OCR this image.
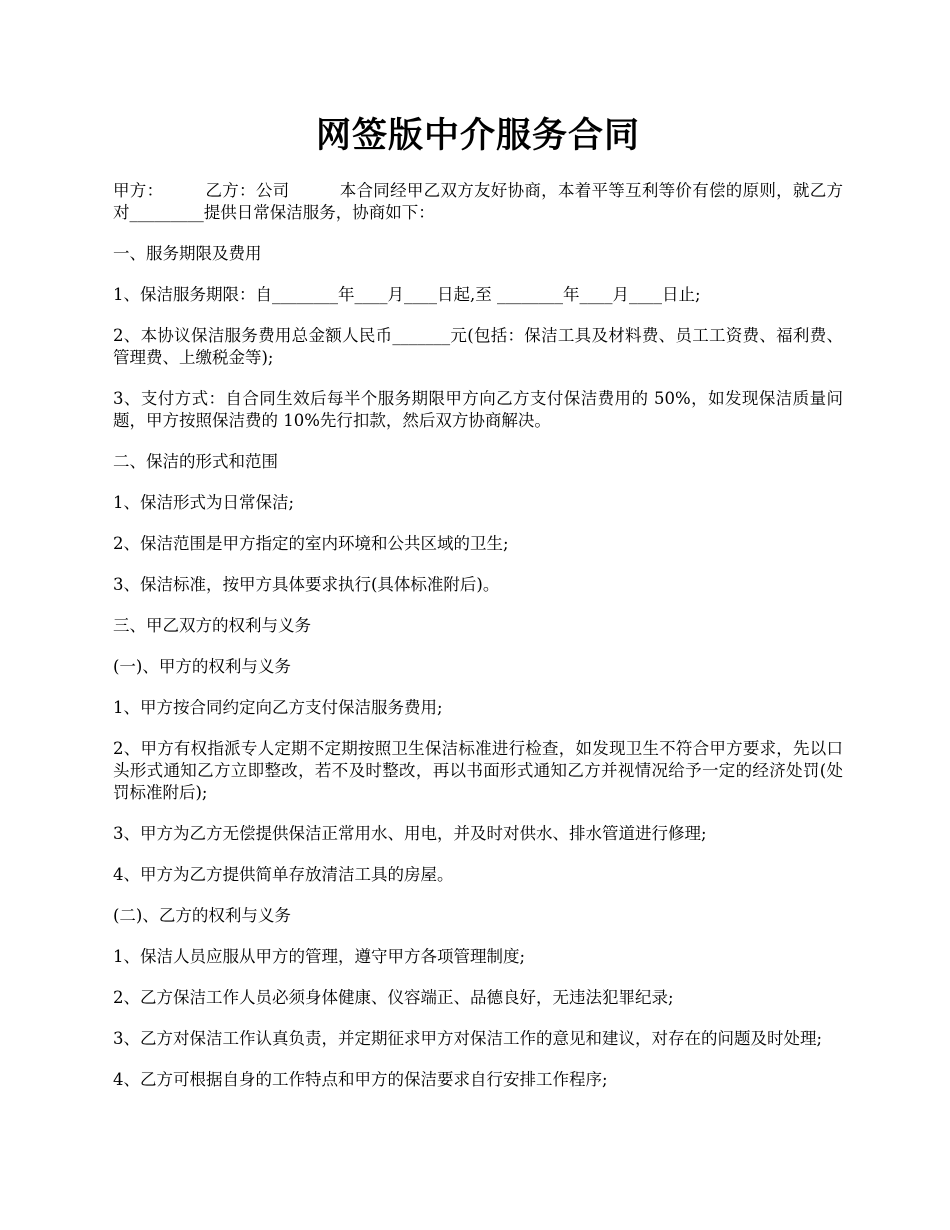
网签版中介服务合同

甲方：　　　乙方：公司　　　本合同经甲乙双方友好协商，本着平等互利等价有偿的原则，就乙方对_________提供日常保洁服务，协商如下：

一、服务期限及费用

1、保洁服务期限：自________年____月____日起,至 ________年____月____日止;

2、本协议保洁服务费用总金额人民币_______元(包括：保洁工具及材料费、员工工资费、福利费、管理费、上缴税金等);

3、支付方式：自合同生效后每半个服务期限甲方向乙方支付保洁费用的 50%，如发现保洁质量问题，甲方按照保洁费的 10%先行扣款，然后双方协商解决。

二、保洁的形式和范围

1、保洁形式为日常保洁;

2、保洁范围是甲方指定的室内环境和公共区域的卫生;

3、保洁标准，按甲方具体要求执行(具体标准附后)。

三、甲乙双方的权利与义务

(一)、甲方的权利与义务

1、甲方按合同约定向乙方支付保洁服务费用;

2、甲方有权指派专人定期不定期按照卫生保洁标准进行检查，如发现卫生不符合甲方要求，先以口头形式通知乙方立即整改，若不及时整改，再以书面形式通知乙方并视情况给予一定的经济处罚(处罚标准附后);

3、甲方为乙方无偿提供保洁正常用水、用电，并及时对供水、排水管道进行修理;

4、甲方为乙方提供简单存放清洁工具的房屋。

(二)、乙方的权利与义务

1、保洁人员应服从甲方的管理，遵守甲方各项管理制度;

2、乙方保洁工作人员必须身体健康、仪容端正、品德良好，无违法犯罪纪录;

3、乙方对保洁工作认真负责，并定期征求甲方对保洁工作的意见和建议，对存在的问题及时处理;

4、乙方可根据自身的工作特点和甲方的保洁要求自行安排工作程序;
